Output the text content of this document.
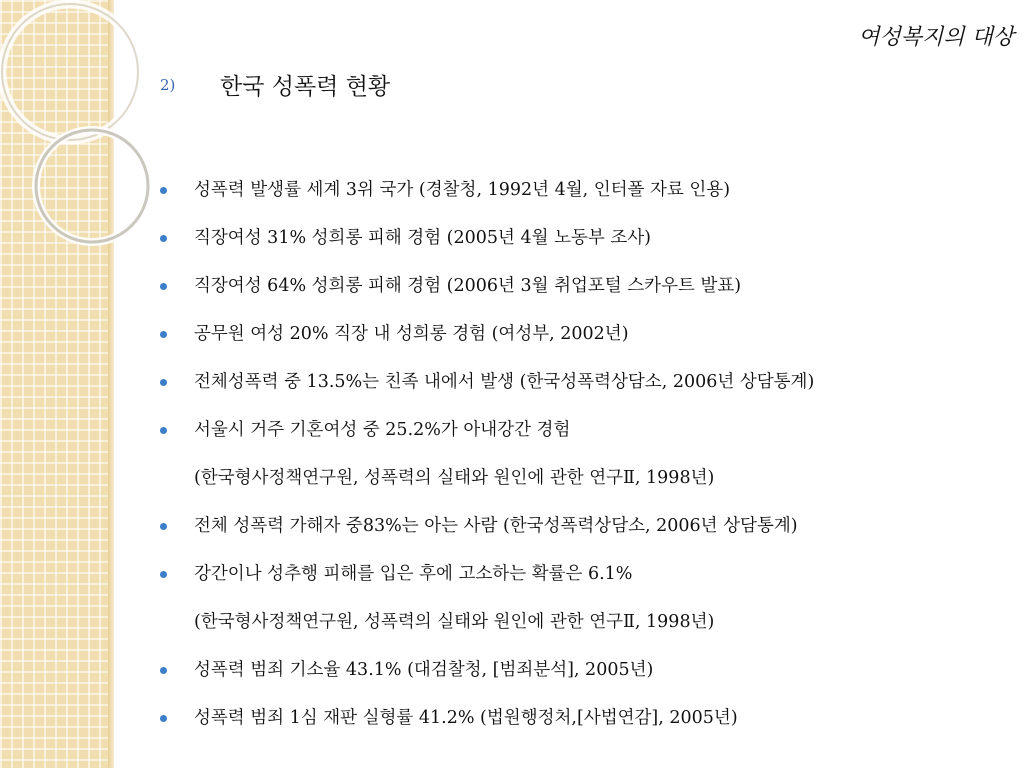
여성복지의 대상
2) 한국 성폭력 현황
성폭력 발생률 세계 3위 국가 (경찰청, 1992년 4월, 인터폴 자료 인용)
직장여성 31% 성희롱 피해 경험 (2005년 4월 노동부 조사)
직장여성 64% 성희롱 피해 경험 (2006년 3월 취업포털 스카우트 발표)
공무원 여성 20% 직장 내 성희롱 경험 (여성부, 2002년)
전체성폭력 중 13.5%는 친족 내에서 발생 (한국성폭력상담소, 2006년 상담통계)
서울시 거주 기혼여성 중 25.2%가 아내강간 경험
(한국형사정책연구원, 성폭력의 실태와 원인에 관한 연구Ⅱ, 1998년)
전체 성폭력 가해자 중83%는 아는 사람 (한국성폭력상담소, 2006년 상담통계)
강간이나 성추행 피해를 입은 후에 고소하는 확률은 6.1%
(한국형사정책연구원, 성폭력의 실태와 원인에 관한 연구Ⅱ, 1998년)
성폭력 범죄 기소율 43.1% (대검찰청, [범죄분석], 2005년)
성폭력 범죄 1심 재판 실형률 41.2% (법원행정처,[사법연감], 2005년)
